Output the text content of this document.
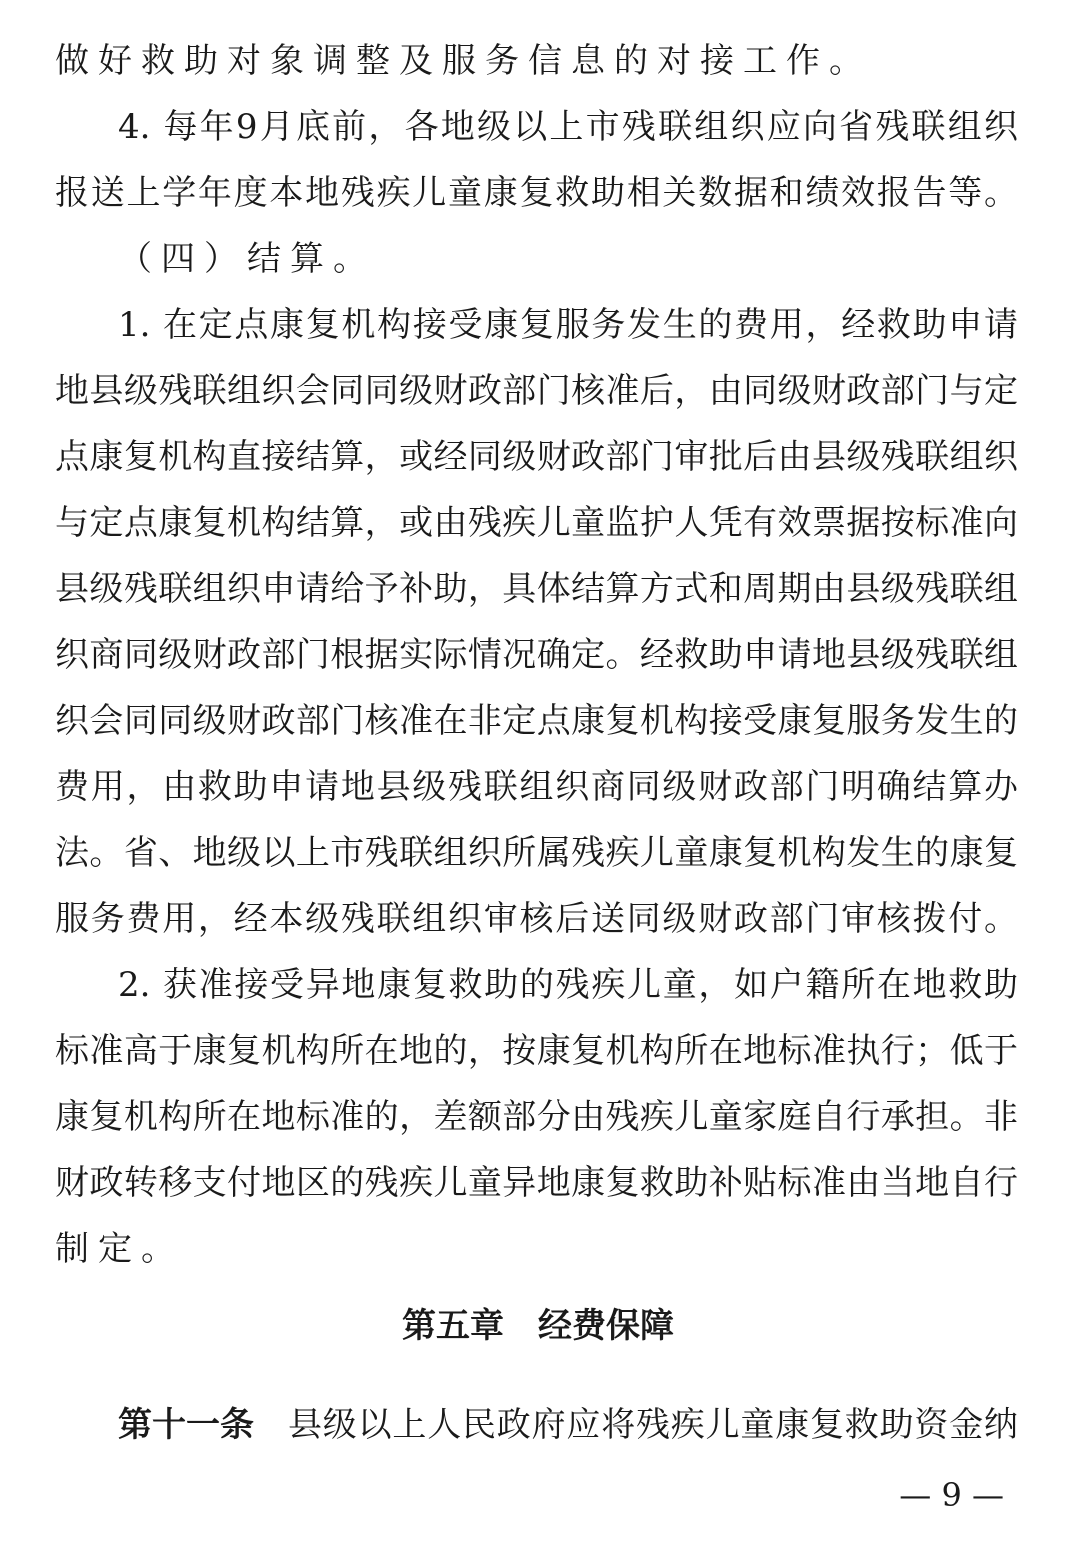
做好救助对象调整及服务信息的对接工作。
4. 每年9月底前，各地级以上市残联组织应向省残联组织
报送上学年度本地残疾儿童康复救助相关数据和绩效报告等。
（四）结算。
1. 在定点康复机构接受康复服务发生的费用，经救助申请
地县级残联组织会同同级财政部门核准后，由同级财政部门与定
点康复机构直接结算，或经同级财政部门审批后由县级残联组织
与定点康复机构结算，或由残疾儿童监护人凭有效票据按标准向
县级残联组织申请给予补助，具体结算方式和周期由县级残联组
织商同级财政部门根据实际情况确定。经救助申请地县级残联组
织会同同级财政部门核准在非定点康复机构接受康复服务发生的
费用，由救助申请地县级残联组织商同级财政部门明确结算办
法。省、地级以上市残联组织所属残疾儿童康复机构发生的康复
服务费用，经本级残联组织审核后送同级财政部门审核拨付。
2. 获准接受异地康复救助的残疾儿童，如户籍所在地救助
标准高于康复机构所在地的，按康复机构所在地标准执行；低于
康复机构所在地标准的，差额部分由残疾儿童家庭自行承担。非
财政转移支付地区的残疾儿童异地康复救助补贴标准由当地自行
制定。
第五章 经费保障
第十一条 县级以上人民政府应将残疾儿童康复救助资金纳
— 9 —
